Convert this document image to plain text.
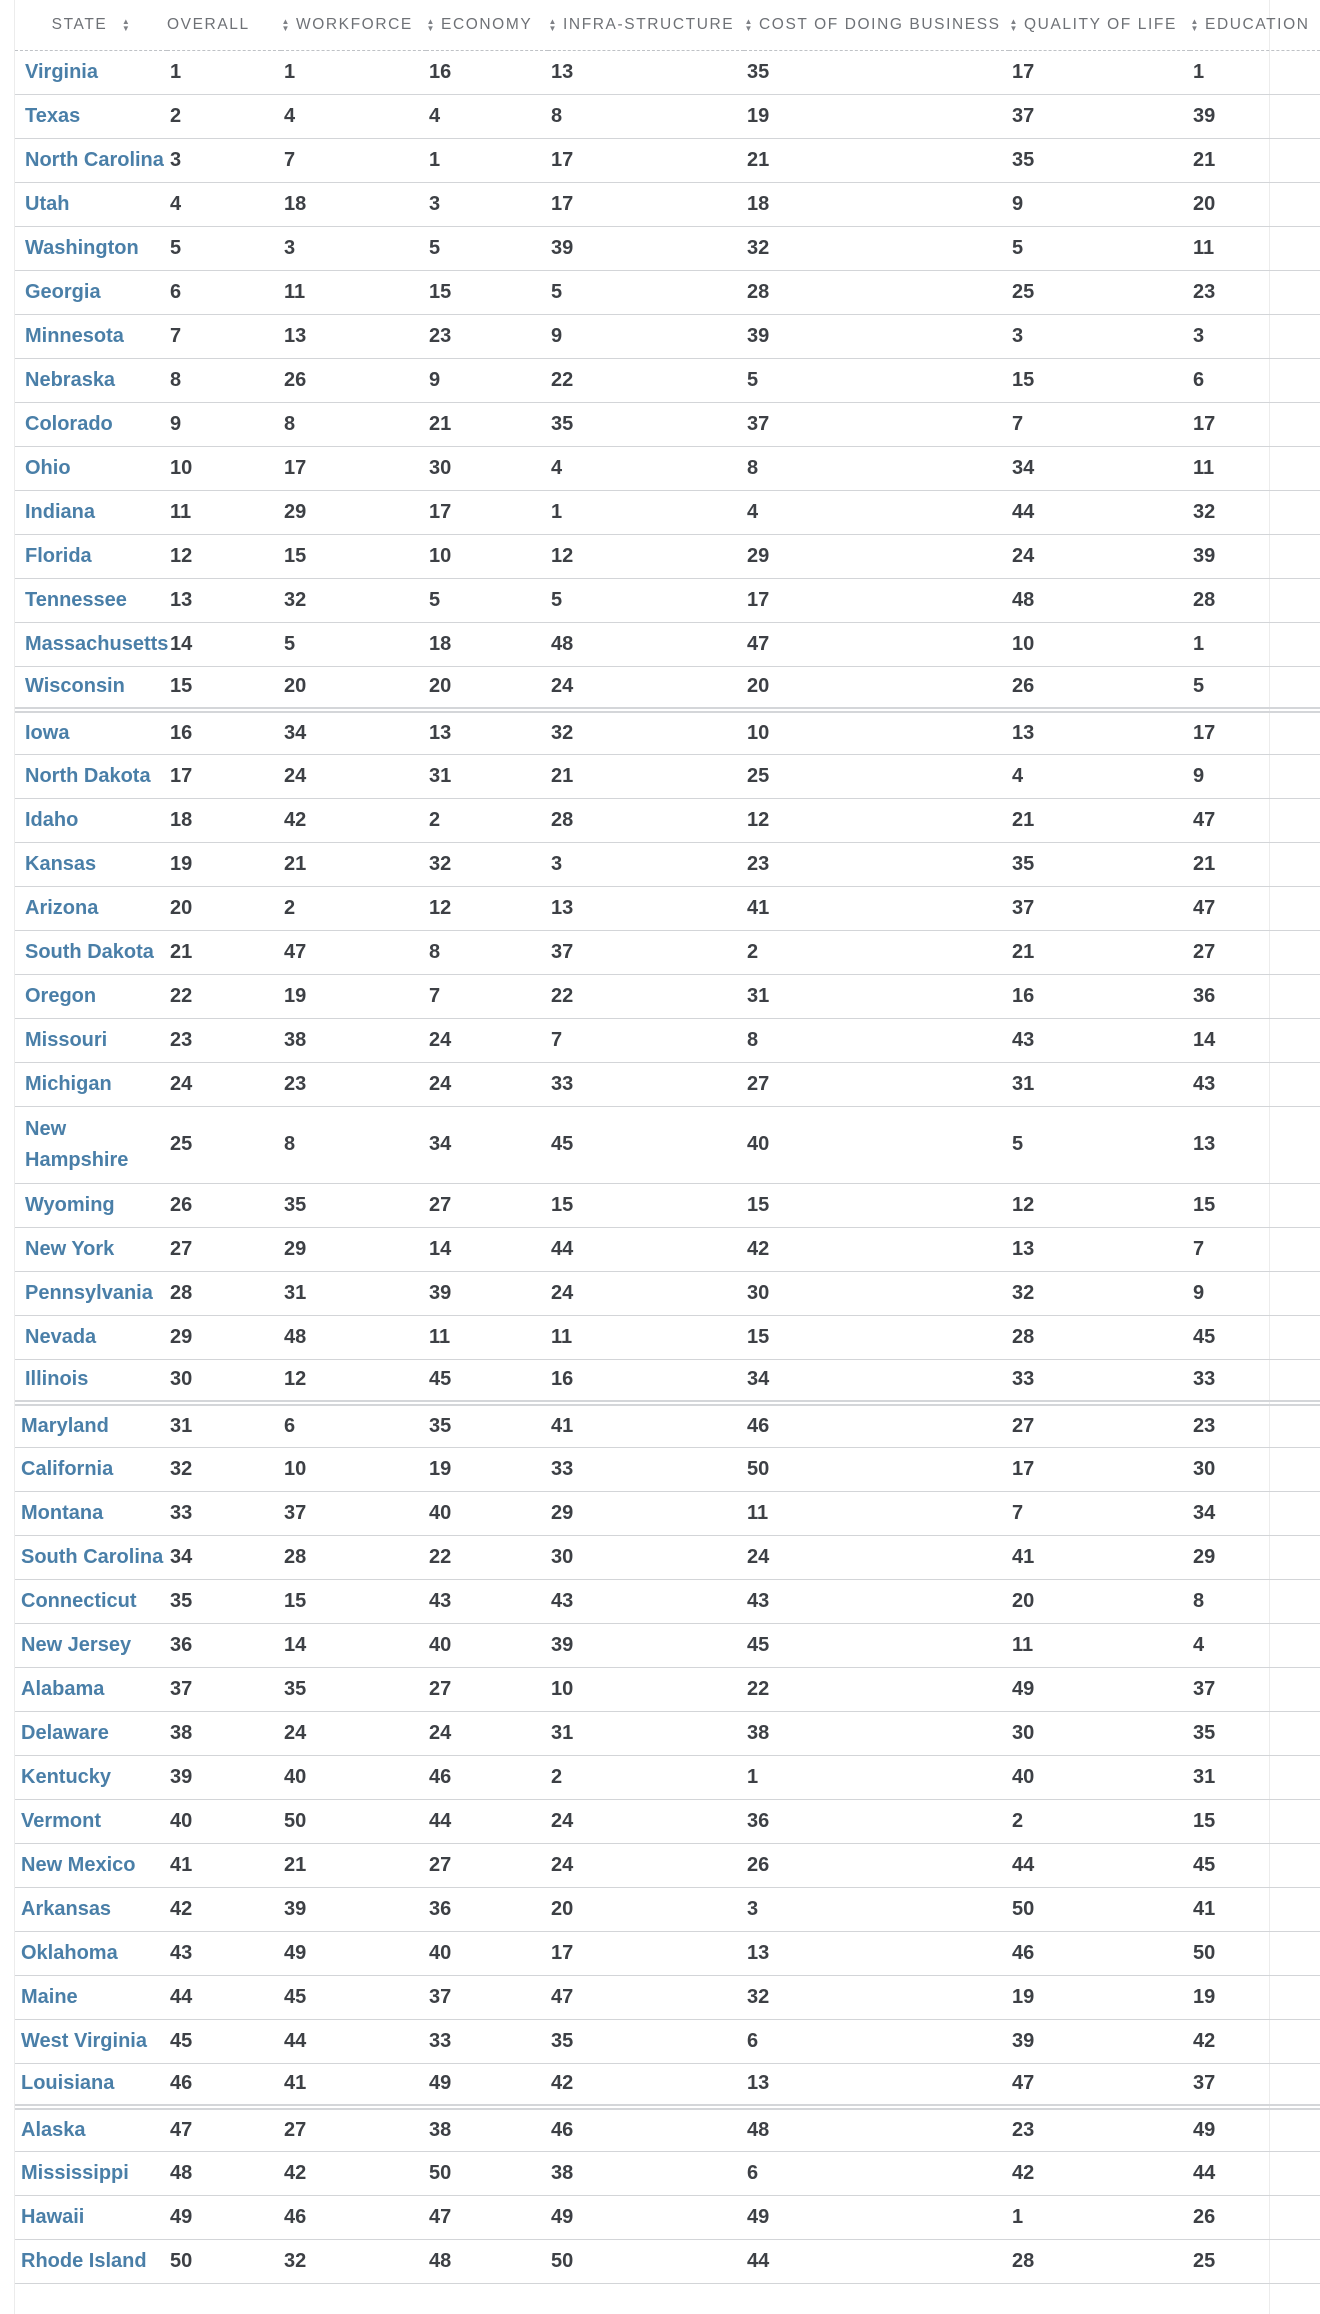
STATE ▲
▼	OVERALL	▲
▼ WORKFORCE	▲
▼ ECONOMY	▲
▼ INFRA-STRUCTURE	▲
▼ COST OF DOING BUSINESS	▲
▼ QUALITY OF LIFE	▲
▼ EDUCATION
Virginia	1	1	16	13	35	17	1
Texas	2	4	4	8	19	37	39
North Carolina	3	7	1	17	21	35	21
Utah	4	18	3	17	18	9	20
Washington	5	3	5	39	32	5	11
Georgia	6	11	15	5	28	25	23
Minnesota	7	13	23	9	39	3	3
Nebraska	8	26	9	22	5	15	6
Colorado	9	8	21	35	37	7	17
Ohio	10	17	30	4	8	34	11
Indiana	11	29	17	1	4	44	32
Florida	12	15	10	12	29	24	39
Tennessee	13	32	5	5	17	48	28
Massachusetts	14	5	18	48	47	10	1
Wisconsin	15	20	20	24	20	26	5
Iowa	16	34	13	32	10	13	17
North Dakota	17	24	31	21	25	4	9
Idaho	18	42	2	28	12	21	47
Kansas	19	21	32	3	23	35	21
Arizona	20	2	12	13	41	37	47
South Dakota	21	47	8	37	2	21	27
Oregon	22	19	7	22	31	16	36
Missouri	23	38	24	7	8	43	14
Michigan	24	23	24	33	27	31	43
New Hampshire	25	8	34	45	40	5	13
Wyoming	26	35	27	15	15	12	15
New York	27	29	14	44	42	13	7
Pennsylvania	28	31	39	24	30	32	9
Nevada	29	48	11	11	15	28	45
Illinois	30	12	45	16	34	33	33
Maryland	31	6	35	41	46	27	23
California	32	10	19	33	50	17	30
Montana	33	37	40	29	11	7	34
South Carolina	34	28	22	30	24	41	29
Connecticut	35	15	43	43	43	20	8
New Jersey	36	14	40	39	45	11	4
Alabama	37	35	27	10	22	49	37
Delaware	38	24	24	31	38	30	35
Kentucky	39	40	46	2	1	40	31
Vermont	40	50	44	24	36	2	15
New Mexico	41	21	27	24	26	44	45
Arkansas	42	39	36	20	3	50	41
Oklahoma	43	49	40	17	13	46	50
Maine	44	45	37	47	32	19	19
West Virginia	45	44	33	35	6	39	42
Louisiana	46	41	49	42	13	47	37
Alaska	47	27	38	46	48	23	49
Mississippi	48	42	50	38	6	42	44
Hawaii	49	46	47	49	49	1	26
Rhode Island	50	32	48	50	44	28	25
